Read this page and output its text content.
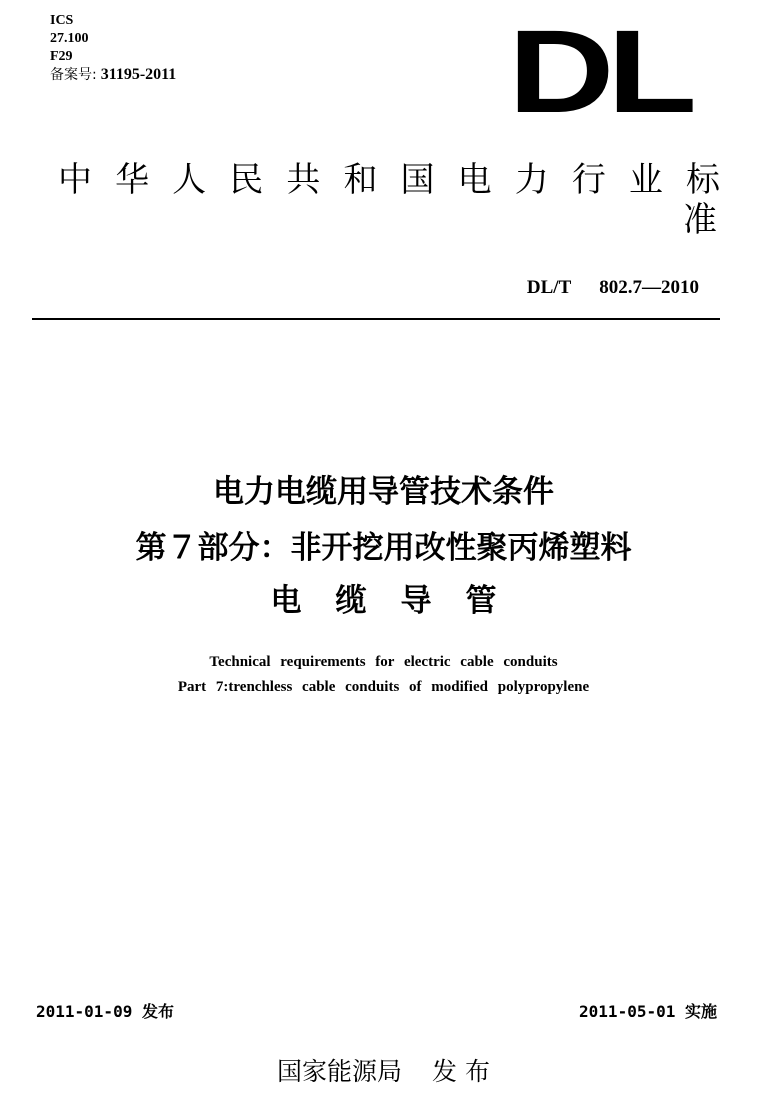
ICS
27.100
F29
备案号: 31195-2011	DL
中华人民共和国电力行业标
准
DL/T 802.7—2010
电力电缆用导管技术条件
第７部分：非开挖用改性聚丙烯塑料
电缆导管
Technical requirements for electric cable conduits
Part 7:trenchless cable conduits of modified polypropylene
2011-01-09 发布	2011-05-01 实施
国家能源局 发 布
